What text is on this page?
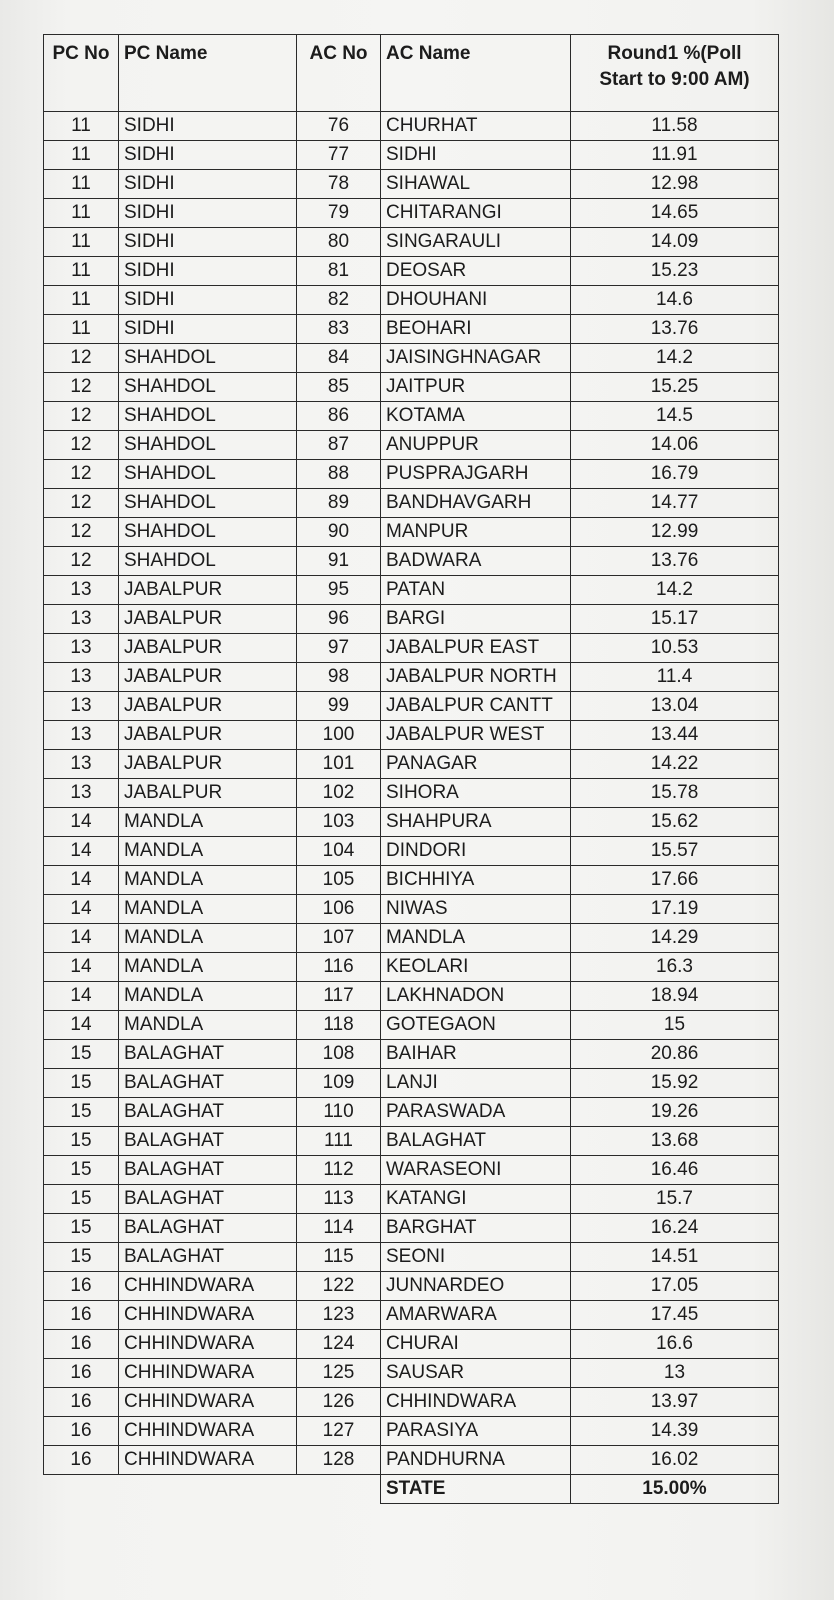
PC No	PC Name	AC No	AC Name	Round1 %(Poll
Start to 9:00 AM)
11	SIDHI	76	CHURHAT	11.58
11	SIDHI	77	SIDHI	11.91
11	SIDHI	78	SIHAWAL	12.98
11	SIDHI	79	CHITARANGI	14.65
11	SIDHI	80	SINGARAULI	14.09
11	SIDHI	81	DEOSAR	15.23
11	SIDHI	82	DHOUHANI	14.6
11	SIDHI	83	BEOHARI	13.76
12	SHAHDOL	84	JAISINGHNAGAR	14.2
12	SHAHDOL	85	JAITPUR	15.25
12	SHAHDOL	86	KOTAMA	14.5
12	SHAHDOL	87	ANUPPUR	14.06
12	SHAHDOL	88	PUSPRAJGARH	16.79
12	SHAHDOL	89	BANDHAVGARH	14.77
12	SHAHDOL	90	MANPUR	12.99
12	SHAHDOL	91	BADWARA	13.76
13	JABALPUR	95	PATAN	14.2
13	JABALPUR	96	BARGI	15.17
13	JABALPUR	97	JABALPUR EAST	10.53
13	JABALPUR	98	JABALPUR NORTH	11.4
13	JABALPUR	99	JABALPUR CANTT	13.04
13	JABALPUR	100	JABALPUR WEST	13.44
13	JABALPUR	101	PANAGAR	14.22
13	JABALPUR	102	SIHORA	15.78
14	MANDLA	103	SHAHPURA	15.62
14	MANDLA	104	DINDORI	15.57
14	MANDLA	105	BICHHIYA	17.66
14	MANDLA	106	NIWAS	17.19
14	MANDLA	107	MANDLA	14.29
14	MANDLA	116	KEOLARI	16.3
14	MANDLA	117	LAKHNADON	18.94
14	MANDLA	118	GOTEGAON	15
15	BALAGHAT	108	BAIHAR	20.86
15	BALAGHAT	109	LANJI	15.92
15	BALAGHAT	110	PARASWADA	19.26
15	BALAGHAT	111	BALAGHAT	13.68
15	BALAGHAT	112	WARASEONI	16.46
15	BALAGHAT	113	KATANGI	15.7
15	BALAGHAT	114	BARGHAT	16.24
15	BALAGHAT	115	SEONI	14.51
16	CHHINDWARA	122	JUNNARDEO	17.05
16	CHHINDWARA	123	AMARWARA	17.45
16	CHHINDWARA	124	CHURAI	16.6
16	CHHINDWARA	125	SAUSAR	13
16	CHHINDWARA	126	CHHINDWARA	13.97
16	CHHINDWARA	127	PARASIYA	14.39
16	CHHINDWARA	128	PANDHURNA	16.02
			STATE	15.00%
